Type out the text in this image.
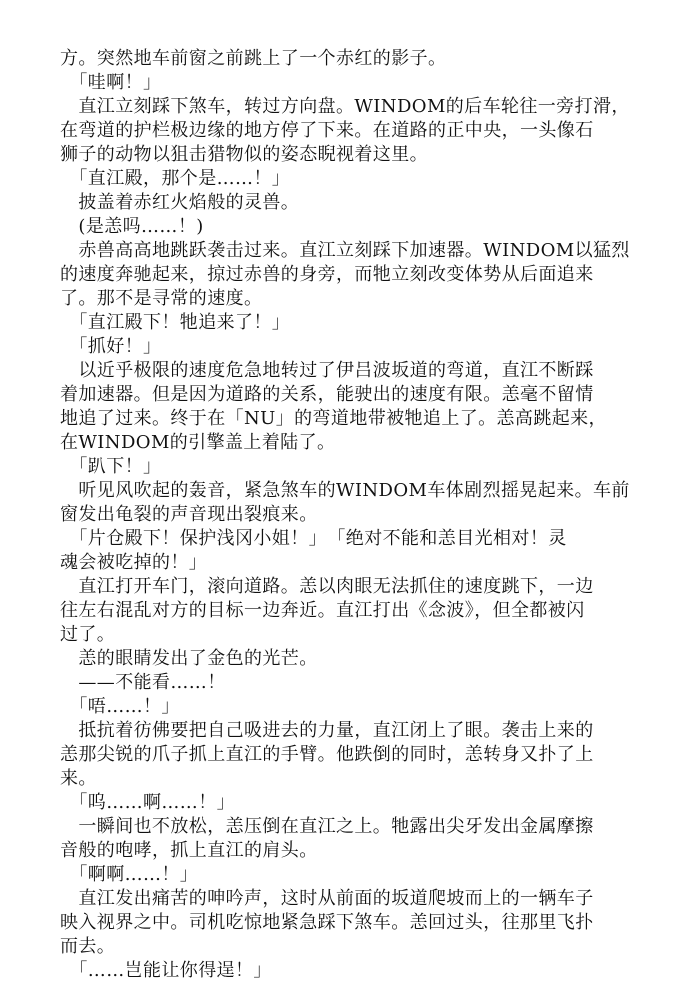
方。突然地车前窗之前跳上了一个赤红的影子。
　「哇啊！」
　直江立刻踩下煞车，转过方向盘。WINDOM的后车轮往一旁打滑，
在弯道的护栏极边缘的地方停了下来。在道路的正中央，一头像石
狮子的动物以狙击猎物似的姿态睨视着这里。
　「直江殿，那个是……！」
　披盖着赤红火焰般的灵兽。
　(是恙吗……！)
　赤兽高高地跳跃袭击过来。直江立刻踩下加速器。WINDOM以猛烈
的速度奔驰起来，掠过赤兽的身旁，而牠立刻改变体势从后面追来
了。那不是寻常的速度。
　「直江殿下！牠追来了！」
　「抓好！」
　以近乎极限的速度危急地转过了伊吕波坂道的弯道，直江不断踩
着加速器。但是因为道路的关系，能驶出的速度有限。恙毫不留情
地追了过来。终于在「NU」的弯道地带被牠追上了。恙高跳起来，
在WINDOM的引擎盖上着陆了。
　「趴下！」
　听见风吹起的轰音，紧急煞车的WINDOM车体剧烈摇晃起来。车前
窗发出龟裂的声音现出裂痕来。
　「片仓殿下！保护浅冈小姐！」　「绝对不能和恙目光相对！灵
魂会被吃掉的！」
　直江打开车门，滚向道路。恙以肉眼无法抓住的速度跳下，一边
往左右混乱对方的目标一边奔近。直江打出《念波》，但全都被闪
过了。
　恙的眼睛发出了金色的光芒。
　——不能看……！
　「唔……！」
　抵抗着彷佛要把自己吸进去的力量，直江闭上了眼。袭击上来的
恙那尖锐的爪子抓上直江的手臂。他跌倒的同时，恙转身又扑了上
来。
　「呜……啊……！」
　一瞬间也不放松，恙压倒在直江之上。牠露出尖牙发出金属摩擦
音般的咆哮，抓上直江的肩头。
　「啊啊……！」
　直江发出痛苦的呻吟声，这时从前面的坂道爬坡而上的一辆车子
映入视界之中。司机吃惊地紧急踩下煞车。恙回过头，往那里飞扑
而去。
　「……岂能让你得逞！」
